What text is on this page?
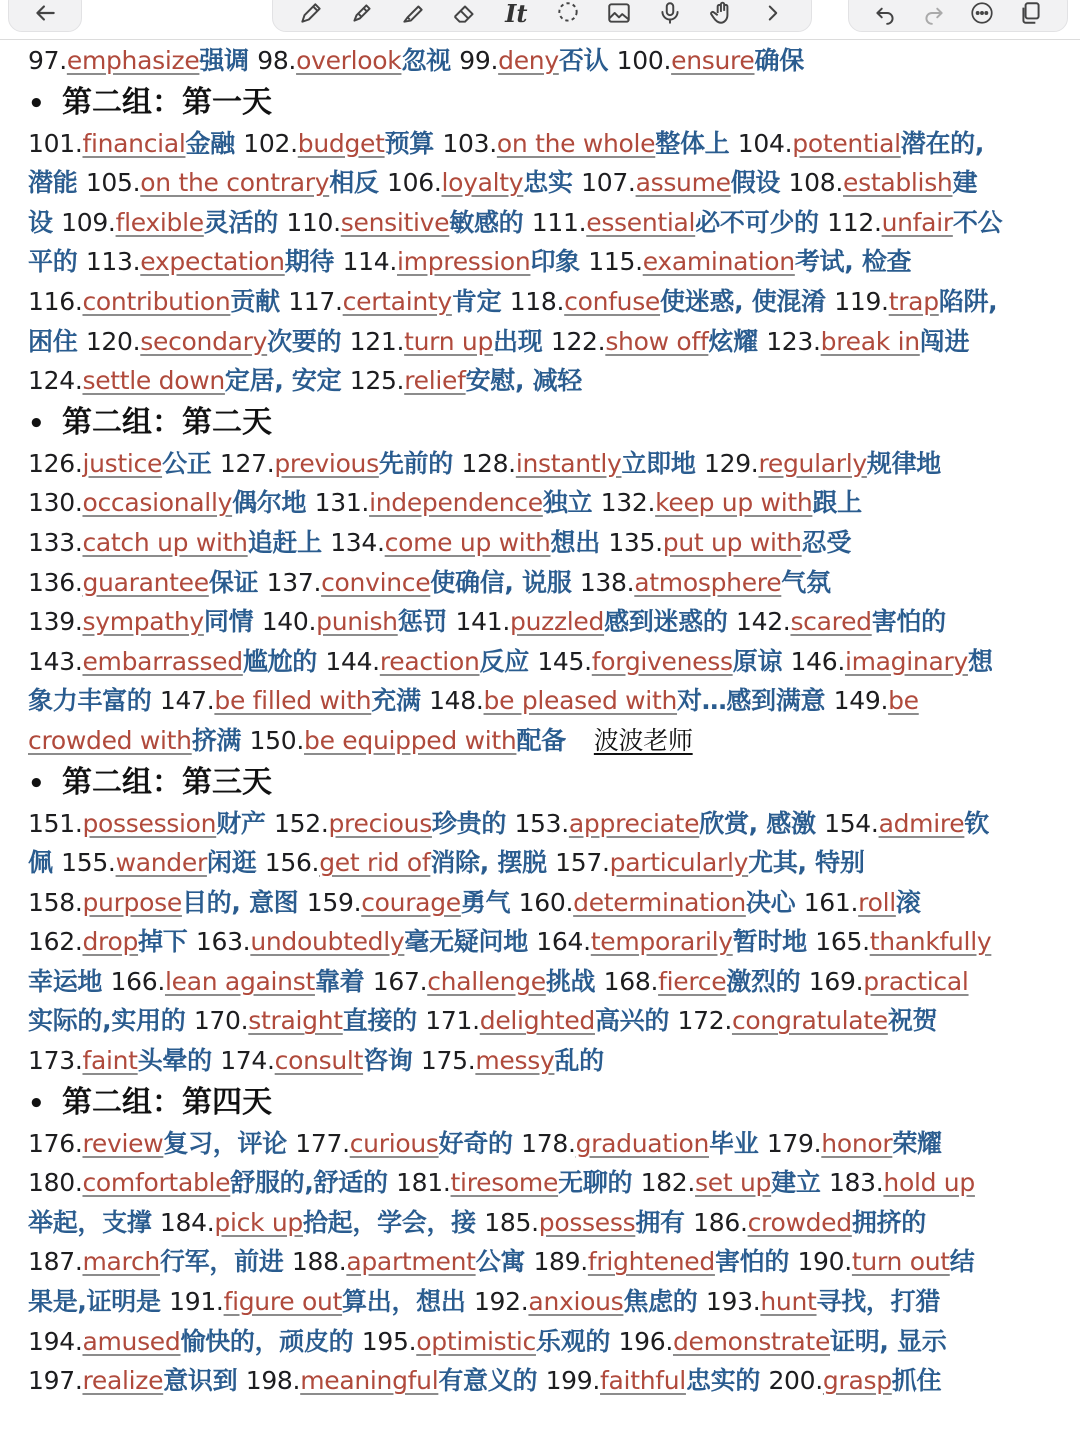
It
97.emphasize强调 98.overlook忽视 99.deny否认 100.ensure确保
• 第二组：第一天
101.financial金融 102.budget预算 103.on the whole整体上 104.potential潜在的,
潜能 105.on the contrary相反 106.loyalty忠实 107.assume假设 108.establish建
设 109.flexible灵活的 110.sensitive敏感的 111.essential必不可少的 112.unfair不公
平的 113.expectation期待 114.impression印象 115.examination考试, 检查
116.contribution贡献 117.certainty肯定 118.confuse使迷惑, 使混淆 119.trap陷阱,
困住 120.secondary次要的 121.turn up出现 122.show off炫耀 123.break in闯进
124.settle down定居, 安定 125.relief安慰, 减轻
• 第二组：第二天
126.justice公正 127.previous先前的 128.instantly立即地 129.regularly规律地
130.occasionally偶尔地 131.independence独立 132.keep up with跟上
133.catch up with追赶上 134.come up with想出 135.put up with忍受
136.guarantee保证 137.convince使确信, 说服 138.atmosphere气氛
139.sympathy同情 140.punish惩罚 141.puzzled感到迷惑的 142.scared害怕的
143.embarrassed尴尬的 144.reaction反应 145.forgiveness原谅 146.imaginary想
象力丰富的 147.be filled with充满 148.be pleased with对…感到满意 149.be
crowded with挤满 150.be equipped with配备 波波老师
• 第二组：第三天
151.possession财产 152.precious珍贵的 153.appreciate欣赏, 感激 154.admire钦
佩 155.wander闲逛 156.get rid of消除, 摆脱 157.particularly尤其, 特别
158.purpose目的, 意图 159.courage勇气 160.determination决心 161.roll滚
162.drop掉下 163.undoubtedly毫无疑问地 164.temporarily暂时地 165.thankfully
幸运地 166.lean against靠着 167.challenge挑战 168.fierce激烈的 169.practical
实际的,实用的 170.straight直接的 171.delighted高兴的 172.congratulate祝贺
173.faint头晕的 174.consult咨询 175.messy乱的
• 第二组：第四天
176.review复习，评论 177.curious好奇的 178.graduation毕业 179.honor荣耀
180.comfortable舒服的,舒适的 181.tiresome无聊的 182.set up建立 183.hold up
举起，支撑 184.pick up拾起，学会，接 185.possess拥有 186.crowded拥挤的
187.march行军，前进 188.apartment公寓 189.frightened害怕的 190.turn out结
果是,证明是 191.figure out算出，想出 192.anxious焦虑的 193.hunt寻找，打猎
194.amused愉快的，顽皮的 195.optimistic乐观的 196.demonstrate证明, 显示
197.realize意识到 198.meaningful有意义的 199.faithful忠实的 200.grasp抓住
